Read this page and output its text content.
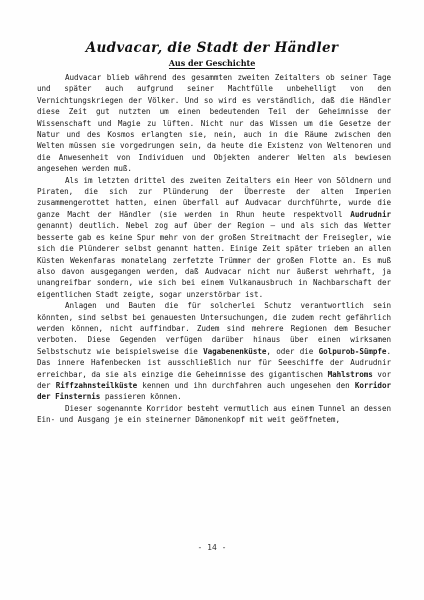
Audvacar, die Stadt der Händler
Aus der Geschichte

Audvacar blieb während des gesammten zweiten Zeitalters ob seiner Tage und später auch aufgrund seiner Machtfülle unbehelligt von den Vernichtungskriegen der Völker. Und so wird es verständlich, daß die Händler diese Zeit gut nutzten um einen bedeutenden Teil der Geheimnisse der Wissenschaft und Magie zu lüften. Nicht nur das Wissen um die Gesetze der Natur und des Kosmos erlangten sie, nein, auch in die Räume zwischen den Welten müssen sie vorgedrungen sein, da heute die Existenz von Weltenoren und die Anwesenheit von Individuen und Objekten anderer Welten als bewiesen angesehen werden muß.

Als im letzten drittel des zweiten Zeitalters ein Heer von Söldnern und Piraten, die sich zur Plünderung der Überreste der alten Imperien zusammengerottet hatten, einen überfall auf Audvacar durchführte, wurde die ganze Macht der Händler (sie werden in Rhun heute respektvoll Audrudnir genannt) deutlich. Nebel zog auf über der Region – und als sich das Wetter besserte gab es keine Spur mehr von der großen Streitmacht der Freisegler, wie sich die Plünderer selbst genannt hatten. Einige Zeit später trieben an allen Küsten Wekenfaras monatelang zerfetzte Trümmer der großen Flotte an. Es muß also davon ausgegangen werden, daß Audvacar nicht nur äußerst wehrhaft, ja unangreifbar sondern, wie sich bei einem Vulkanausbruch in Nachbarschaft der eigentlichen Stadt zeigte, sogar unzerstörbar ist.

Anlagen und Bauten die für solcherlei Schutz verantwortlich sein könnten, sind selbst bei genauesten Untersuchungen, die zudem recht gefährlich werden können, nicht auffindbar. Zudem sind mehrere Regionen dem Besucher verboten. Diese Gegenden verfügen darüber hinaus über einen wirksamen Selbstschutz wie beispielsweise die Vagabenenküste, oder die Golpurob-Sümpfe. Das innere Hafenbecken ist ausschließlich nur für Seeschiffe der Audrudnir erreichbar, da sie als einzige die Geheimnisse des gigantischen Mahlstroms vor der Riffzahnsteilküste kennen und ihn durchfahren auch ungesehen den Korridor der Finsternis passieren können.

Dieser sogenannte Korridor besteht vermutlich aus einem Tunnel an dessen Ein- und Ausgang je ein steinerner Dämonenkopf mit weit geöffnetem,

- 14 -
